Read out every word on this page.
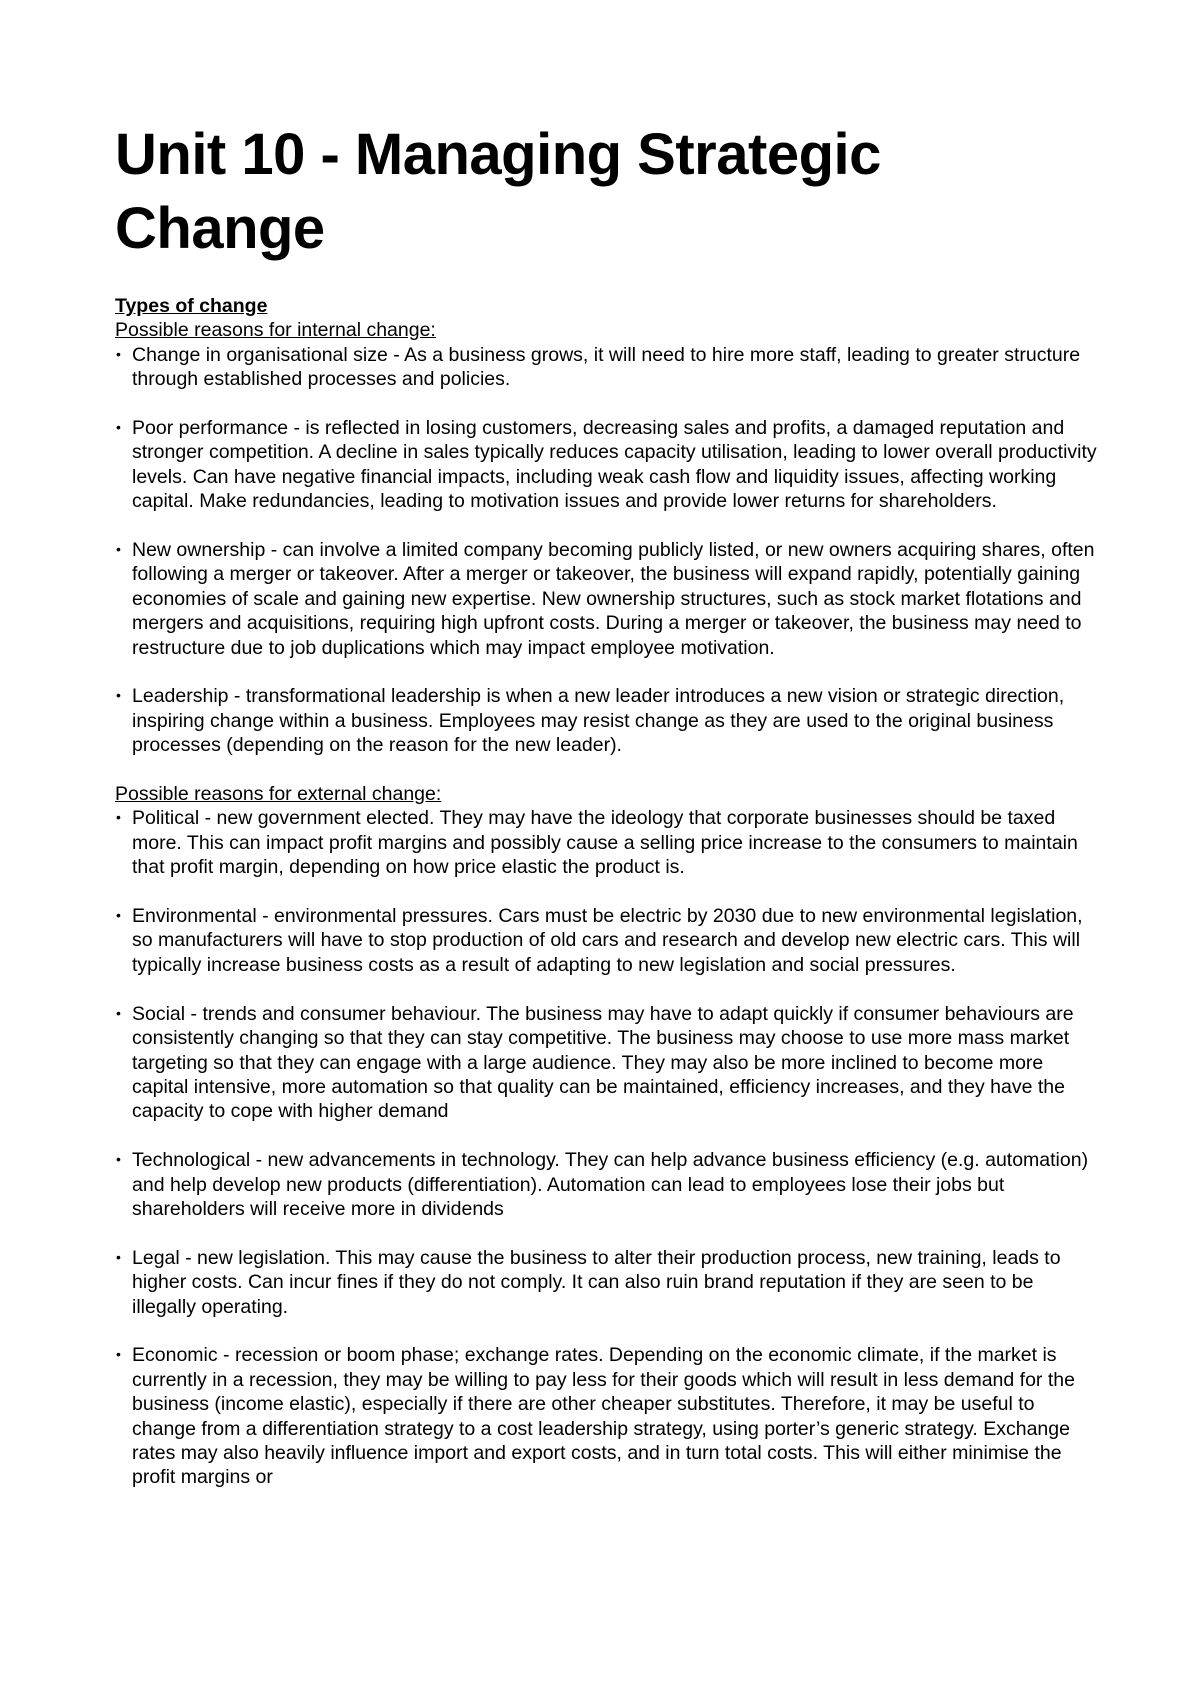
Unit 10 - Managing Strategic Change

Types of change

Possible reasons for internal change:

• Change in organisational size - As a business grows, it will need to hire more staff, leading to greater structure through established processes and policies.
• Poor performance - is reflected in losing customers, decreasing sales and profits, a damaged reputation and stronger competition. A decline in sales typically reduces capacity utilisation, leading to lower overall productivity levels. Can have negative financial impacts, including weak cash flow and liquidity issues, affecting working capital. Make redundancies, leading to motivation issues and provide lower returns for shareholders.
• New ownership - can involve a limited company becoming publicly listed, or new owners acquiring shares, often following a merger or takeover. After a merger or takeover, the business will expand rapidly, potentially gaining economies of scale and gaining new expertise. New ownership structures, such as stock market flotations and mergers and acquisitions, requiring high upfront costs. During a merger or takeover, the business may need to restructure due to job duplications which may impact employee motivation.
• Leadership - transformational leadership is when a new leader introduces a new vision or strategic direction, inspiring change within a business. Employees may resist change as they are used to the original business processes (depending on the reason for the new leader).

Possible reasons for external change:

• Political - new government elected. They may have the ideology that corporate businesses should be taxed more. This can impact profit margins and possibly cause a selling price increase to the consumers to maintain that profit margin, depending on how price elastic the product is.
• Environmental - environmental pressures. Cars must be electric by 2030 due to new environmental legislation, so manufacturers will have to stop production of old cars and research and develop new electric cars. This will typically increase business costs as a result of adapting to new legislation and social pressures.
• Social - trends and consumer behaviour. The business may have to adapt quickly if consumer behaviours are consistently changing so that they can stay competitive. The business may choose to use more mass market targeting so that they can engage with a large audience. They may also be more inclined to become more capital intensive, more automation so that quality can be maintained, efficiency increases, and they have the capacity to cope with higher demand
• Technological - new advancements in technology. They can help advance business efficiency (e.g. automation) and help develop new products (differentiation). Automation can lead to employees lose their jobs but shareholders will receive more in dividends
• Legal - new legislation. This may cause the business to alter their production process, new training, leads to higher costs. Can incur fines if they do not comply. It can also ruin brand reputation if they are seen to be illegally operating.
• Economic - recession or boom phase; exchange rates. Depending on the economic climate, if the market is currently in a recession, they may be willing to pay less for their goods which will result in less demand for the business (income elastic), especially if there are other cheaper substitutes. Therefore, it may be useful to change from a differentiation strategy to a cost leadership strategy, using porter’s generic strategy. Exchange rates may also heavily influence import and export costs, and in turn total costs. This will either minimise the profit margins or
